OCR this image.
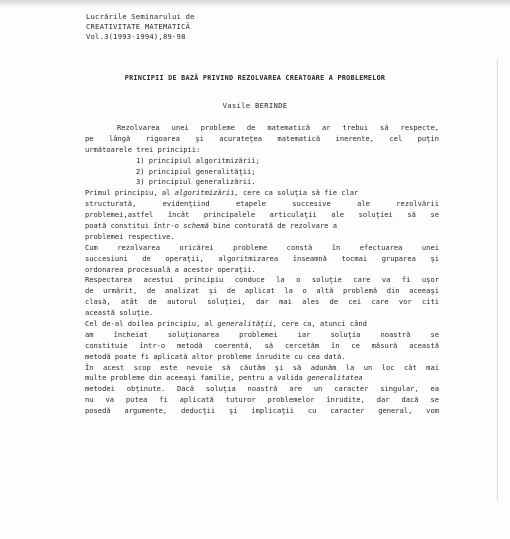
Lucrările Seminarului de
CREATIVITATE MATEMATICĂ
Vol.3(1993-1994),89-98
PRINCIPII DE BAZĂ PRIVIND REZOLVAREA CREATOARE A PROBLEMELOR
Vasile BERINDE
Rezolvarea unei probleme de matematică ar trebui să respecte,
pe lângă rigoarea şi acurateţea matematică inerente, cel puţin
următoarele trei principii:
1) principiul algoritmizării;
2) principiul generalităţii;
3) principiul generalizării.
Primul principiu, al algoritmizării, cere ca soluţia să fie clar
structurată, evidenţiind etapele succesive ale rezolvării
problemei,astfel încât principalele articulaţii ale soluţiei să se
poată constitui într-o schemă bine conturată de rezolvare a
problemei respective.
Cum rezolvarea oricărei probleme constă în efectuarea unei
succesiuni de operaţii, algoritmizarea înseamnă tocmai gruparea şi
ordonarea procesuală a acestor operaţii.
Respectarea acestui principiu conduce la o soluţie care va fi uşor
de urmărit, de analizat şi de aplicat la o altă problemă din aceeaşi
clasă, atât de autorul soluţiei, dar mai ales de cei care vor citi
această soluţie.
Cel de-al doilea principiu, al generalităţii, cere ca, atunci când
am încheiat soluţionarea problemei iar soluţia noastră se
constituie într-o metodă coerentă, să cercetăm în ce măsură această
metodă poate fi aplicată altor probleme înrudite cu cea dată.
În acest scop este nevoie să căutăm şi să adunăm la un loc cât mai
multe probleme din aceeaşi familie, pentru a valida generalitatea
metodei obţinute. Dacă soluţia noastră are un caracter singular, ea
nu va putea fi aplicată tuturor problemelor înrudite, dar dacă se
posedă argumente, deducţii şi implicaţii cu caracter general, vom
